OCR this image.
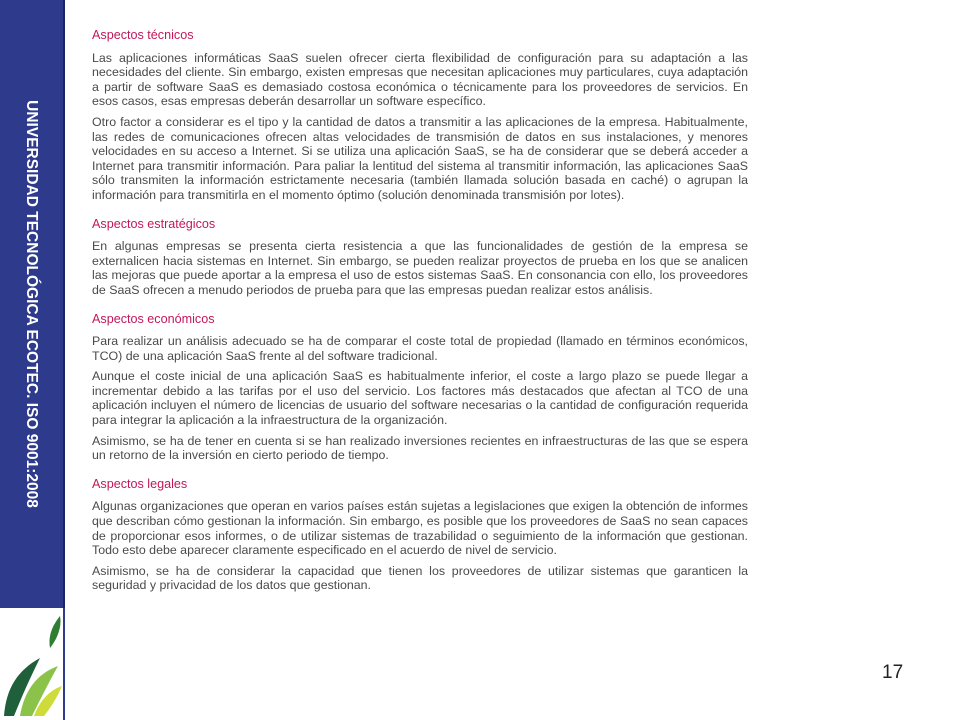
UNIVERSIDAD TECNOLÓGICA ECOTEC. ISO 9001:2008
Aspectos técnicos

Las aplicaciones informáticas SaaS suelen ofrecer cierta flexibilidad de configuración para su adaptación a las necesidades del cliente. Sin embargo, existen empresas que necesitan aplicaciones muy particulares, cuya adaptación a partir de software SaaS es demasiado costosa económica o técnicamente para los proveedores de servicios. En esos casos, esas empresas deberán desarrollar un software específico.

Otro factor a considerar es el tipo y la cantidad de datos a transmitir a las aplicaciones de la empresa. Habitualmente, las redes de comunicaciones ofrecen altas velocidades de transmisión de datos en sus instalaciones, y menores velocidades en su acceso a Internet. Si se utiliza una aplicación SaaS, se ha de considerar que se deberá acceder a Internet para transmitir información. Para paliar la lentitud del sistema al transmitir información, las aplicaciones SaaS sólo transmiten la información estrictamente necesaria (también llamada solución basada en caché) o agrupan la información para transmitirla en el momento óptimo (solución denominada transmisión por lotes).

Aspectos estratégicos

En algunas empresas se presenta cierta resistencia a que las funcionalidades de gestión de la empresa se externalicen hacia sistemas en Internet. Sin embargo, se pueden realizar proyectos de prueba en los que se analicen las mejoras que puede aportar a la empresa el uso de estos sistemas SaaS. En consonancia con ello, los proveedores de SaaS ofrecen a menudo periodos de prueba para que las empresas puedan realizar estos análisis.

Aspectos económicos

Para realizar un análisis adecuado se ha de comparar el coste total de propiedad (llamado en términos económicos, TCO) de una aplicación SaaS frente al del software tradicional.

Aunque el coste inicial de una aplicación SaaS es habitualmente inferior, el coste a largo plazo se puede llegar a incrementar debido a las tarifas por el uso del servicio. Los factores más destacados que afectan al TCO de una aplicación incluyen el número de licencias de usuario del software necesarias o la cantidad de configuración requerida para integrar la aplicación a la infraestructura de la organización.

Asimismo, se ha de tener en cuenta si se han realizado inversiones recientes en infraestructuras de las que se espera un retorno de la inversión en cierto periodo de tiempo.

Aspectos legales

Algunas organizaciones que operan en varios países están sujetas a legislaciones que exigen la obtención de informes que describan cómo gestionan la información. Sin embargo, es posible que los proveedores de SaaS no sean capaces de proporcionar esos informes, o de utilizar sistemas de trazabilidad o seguimiento de la información que gestionan. Todo esto debe aparecer claramente especificado en el acuerdo de nivel de servicio.

Asimismo, se ha de considerar la capacidad que tienen los proveedores de utilizar sistemas que garanticen la seguridad y privacidad de los datos que gestionan.

17
